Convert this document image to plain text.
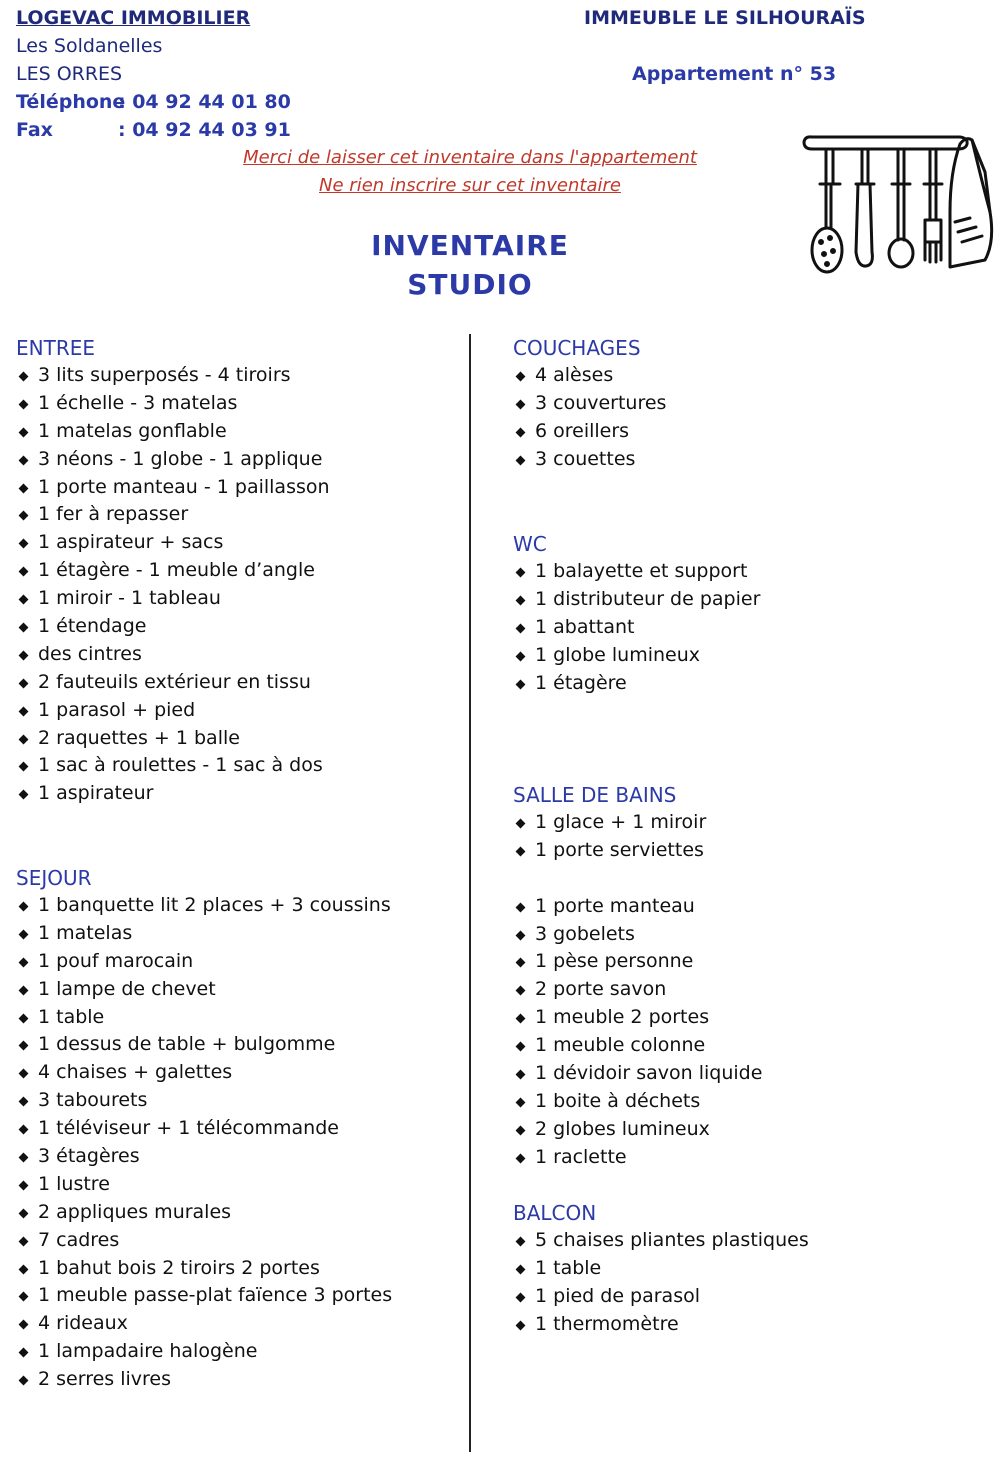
LOGEVAC IMMOBILIER
Les Soldanelles
LES ORRES
Téléphone
: 04 92 44 01 80
Fax	: 04 92 44 03 91
IMMEUBLE LE SILHOURAÏS
Appartement n° 53
Merci de laisser cet inventaire dans l'appartement
Ne rien inscrire sur cet inventaire
INVENTAIRE
STUDIO
ENTREE
3 lits superposés - 4 tiroirs
1 échelle - 3 matelas
1 matelas gonflable
3 néons - 1 globe - 1 applique
1 porte manteau - 1 paillasson
1 fer à repasser
1 aspirateur + sacs
1 étagère - 1 meuble d’angle
1 miroir - 1 tableau
1 étendage
des cintres
2 fauteuils extérieur en tissu
1 parasol + pied
2 raquettes + 1 balle
1 sac à roulettes - 1 sac à dos
1 aspirateur
SEJOUR
1 banquette lit 2 places + 3 coussins
1 matelas
1 pouf marocain
1 lampe de chevet
1 table
1 dessus de table + bulgomme
4 chaises + galettes
3 tabourets
1 téléviseur + 1 télécommande
3 étagères
1 lustre
2 appliques murales
7 cadres
1 bahut bois 2 tiroirs 2 portes
1 meuble passe-plat faïence 3 portes
4 rideaux
1 lampadaire halogène
2 serres livres
COUCHAGES
4 alèses
3 couvertures
6 oreillers
3 couettes
WC
1 balayette et support
1 distributeur de papier
1 abattant
1 globe lumineux
1 étagère
SALLE DE BAINS
1 glace + 1 miroir
1 porte serviettes
1 porte manteau
3 gobelets
1 pèse personne
2 porte savon
1 meuble 2 portes
1 meuble colonne
1 dévidoir savon liquide
1 boite à déchets
2 globes lumineux
1 raclette
BALCON
5 chaises pliantes plastiques
1 table
1 pied de parasol
1 thermomètre
